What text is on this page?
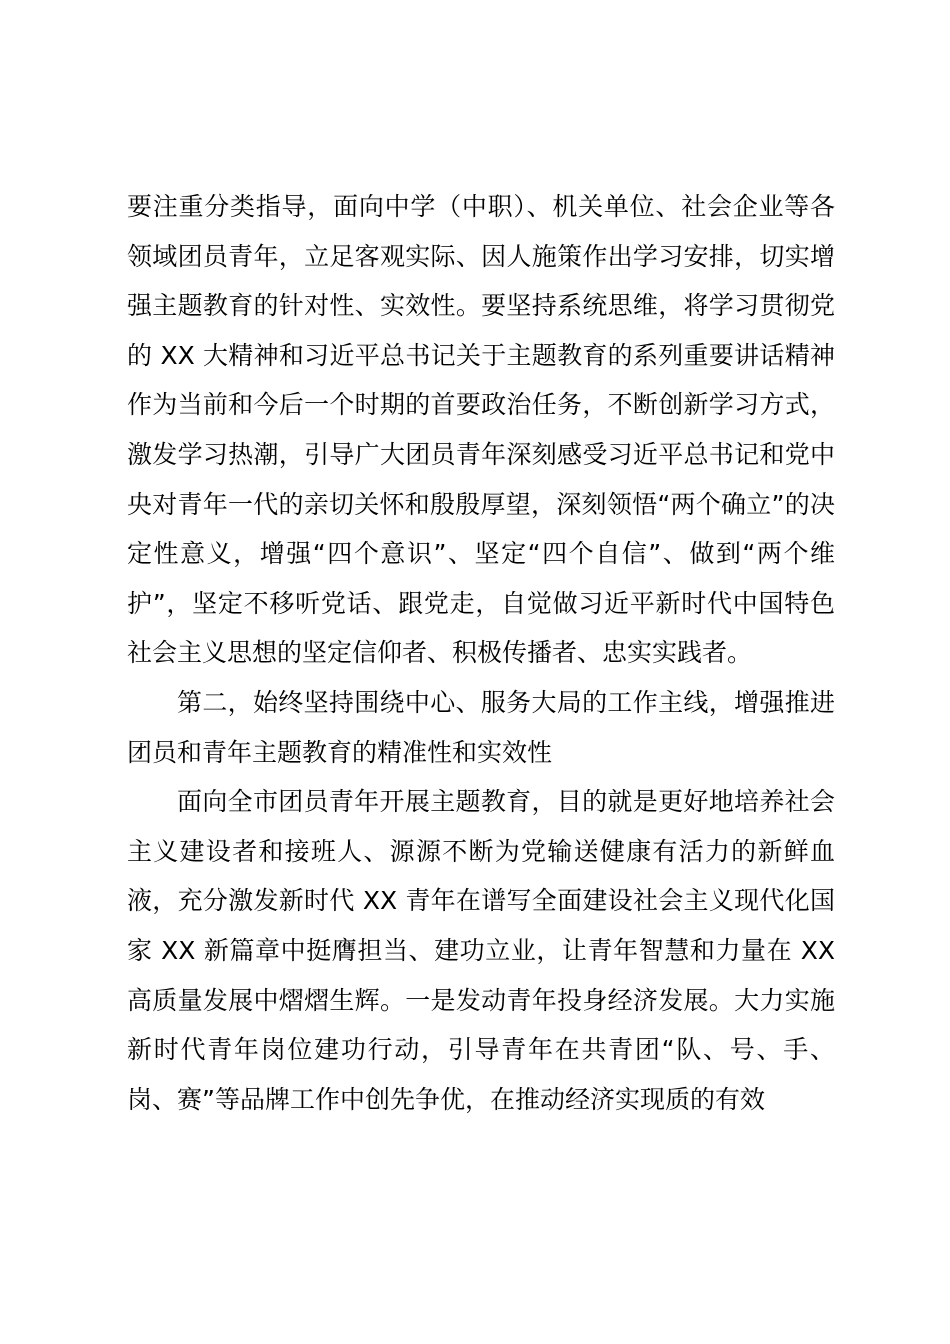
要注重分类指导，面向中学（中职）、机关单位、社会企业等各领域团员青年，立足客观实际、因人施策作出学习安排，切实增强主题教育的针对性、实效性。要坚持系统思维，将学习贯彻党的 XX 大精神和习近平总书记关于主题教育的系列重要讲话精神作为当前和今后一个时期的首要政治任务，不断创新学习方式，激发学习热潮，引导广大团员青年深刻感受习近平总书记和党中央对青年一代的亲切关怀和殷殷厚望，深刻领悟“两个确立”的决定性意义，增强“四个意识”、坚定“四个自信”、做到“两个维护”，坚定不移听党话、跟党走，自觉做习近平新时代中国特色社会主义思想的坚定信仰者、积极传播者、忠实实践者。

第二，始终坚持围绕中心、服务大局的工作主线，增强推进团员和青年主题教育的精准性和实效性

面向全市团员青年开展主题教育，目的就是更好地培养社会主义建设者和接班人、源源不断为党输送健康有活力的新鲜血液，充分激发新时代 XX 青年在谱写全面建设社会主义现代化国家 XX 新篇章中挺膺担当、建功立业，让青年智慧和力量在 XX 高质量发展中熠熠生辉。一是发动青年投身经济发展。大力实施新时代青年岗位建功行动，引导青年在共青团“队、号、手、岗、赛”等品牌工作中创先争优，在推动经济实现质的有效
